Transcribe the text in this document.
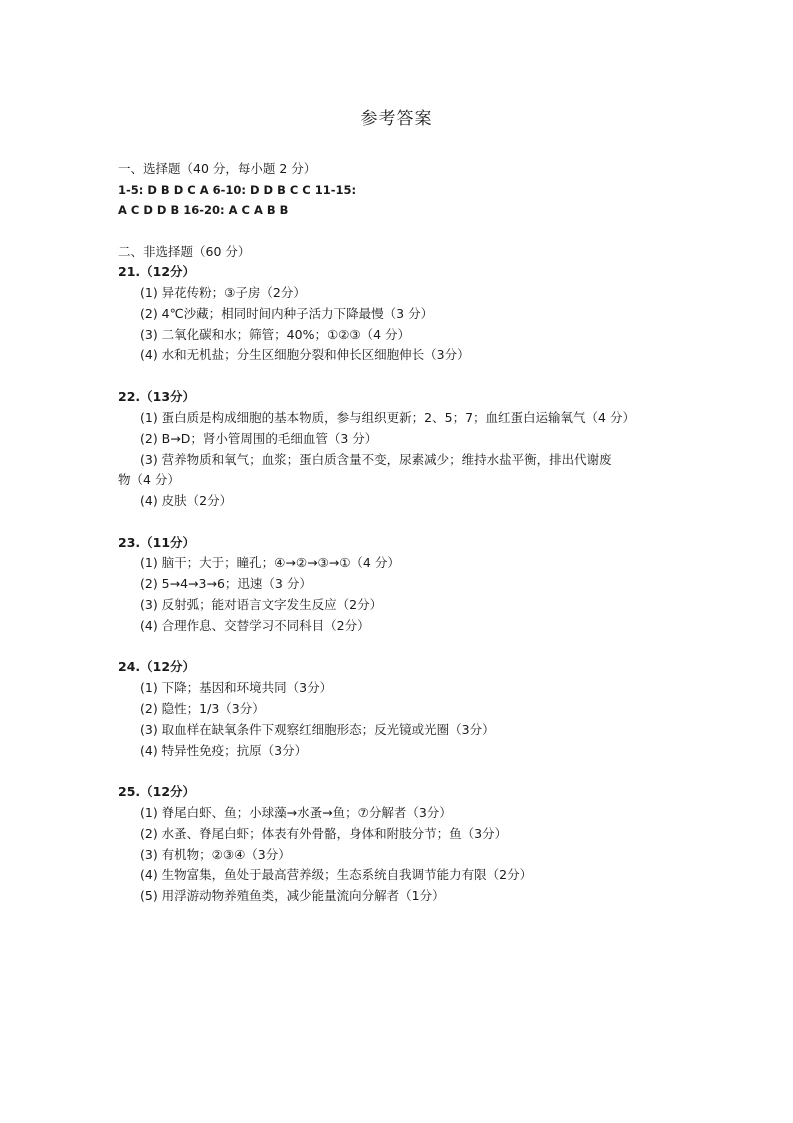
参考答案
一、选择题（40 分，每小题 2 分）
1-5: D B D C A 6-10: D D B C C 11-15:
A C D D B 16-20: A C A B B
二、非选择题（60 分）
21.（12分）
(1) 异花传粉；③子房（2分）
(2) 4℃沙藏；相同时间内种子活力下降最慢（3 分）
(3) 二氧化碳和水；筛管；40%；①②③（4 分）
(4) 水和无机盐；分生区细胞分裂和伸长区细胞伸长（3分）
22.（13分）
(1) 蛋白质是构成细胞的基本物质，参与组织更新；2、5；7；血红蛋白运输氧气（4 分）
(2) B→D；肾小管周围的毛细血管（3 分）
(3) 营养物质和氧气；血浆；蛋白质含量不变，尿素减少；维持水盐平衡，排出代谢废
物（4 分）
(4) 皮肤（2分）
23.（11分）
(1) 脑干；大于；瞳孔；④→②→③→①（4 分）
(2) 5→4→3→6；迅速（3 分）
(3) 反射弧；能对语言文字发生反应（2分）
(4) 合理作息、交替学习不同科目（2分）
24.（12分）
(1) 下降；基因和环境共同（3分）
(2) 隐性；1/3（3分）
(3) 取血样在缺氧条件下观察红细胞形态；反光镜或光圈（3分）
(4) 特异性免疫；抗原（3分）
25.（12分）
(1) 脊尾白虾、鱼；小球藻→水蚤→鱼；⑦分解者（3分）
(2) 水蚤、脊尾白虾；体表有外骨骼，身体和附肢分节；鱼（3分）
(3) 有机物；②③④（3分）
(4) 生物富集，鱼处于最高营养级；生态系统自我调节能力有限（2分）
(5) 用浮游动物养殖鱼类，减少能量流向分解者（1分）
